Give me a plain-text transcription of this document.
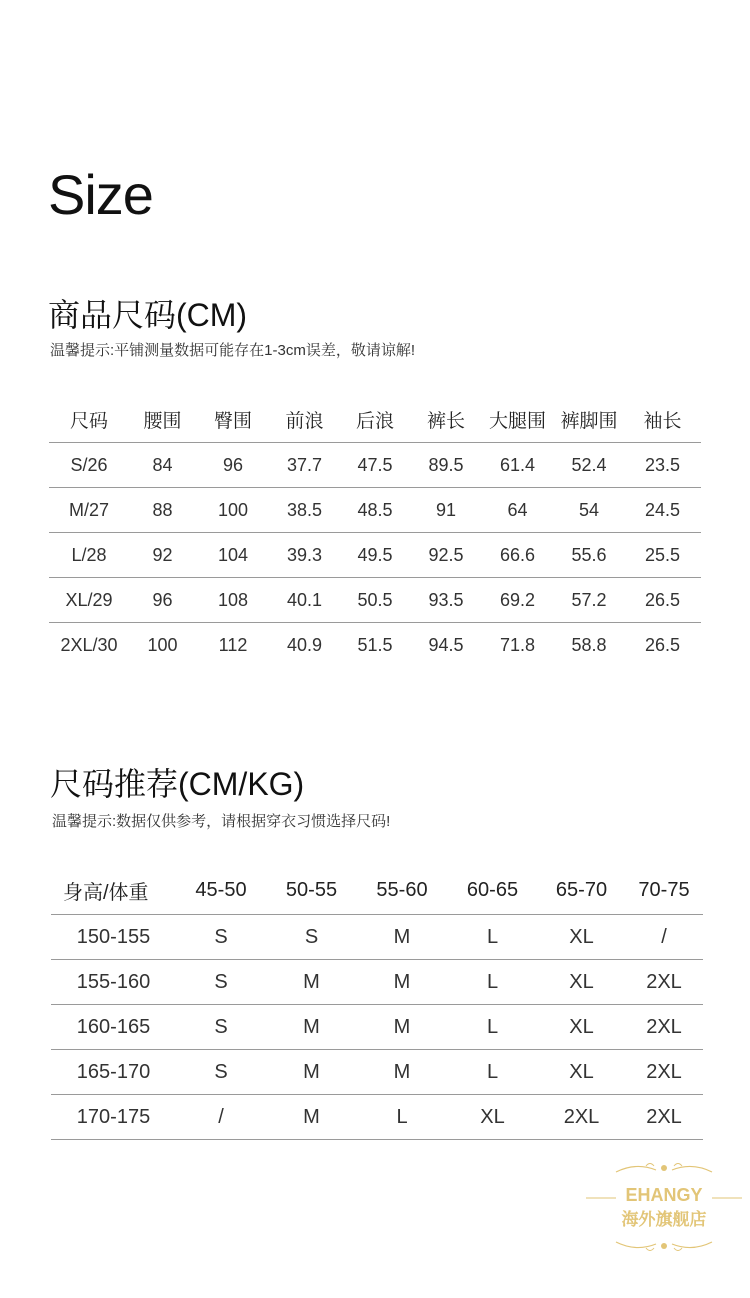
Size
商品尺码(CM)
温馨提示:平铺测量数据可能存在1-3cm误差，敬请谅解!
尺码	腰围	臀围	前浪	后浪	裤长	大腿围	裤脚围	袖长
S/26	84	96	37.7	47.5	89.5	61.4	52.4	23.5
M/27	88	100	38.5	48.5	91	64	54	24.5
L/28	92	104	39.3	49.5	92.5	66.6	55.6	25.5
XL/29	96	108	40.1	50.5	93.5	69.2	57.2	26.5
2XL/30	100	112	40.9	51.5	94.5	71.8	58.8	26.5
尺码推荐(CM/KG)
温馨提示:数据仅供参考，请根据穿衣习惯选择尺码!
身高/体重	45-50	50-55	55-60	60-65	65-70	70-75
150-155	S	S	M	L	XL	/
155-160	S	M	M	L	XL	2XL
160-165	S	M	M	L	XL	2XL
165-170	S	M	M	L	XL	2XL
170-175	/	M	L	XL	2XL	2XL
EHANGY
海外旗舰店
